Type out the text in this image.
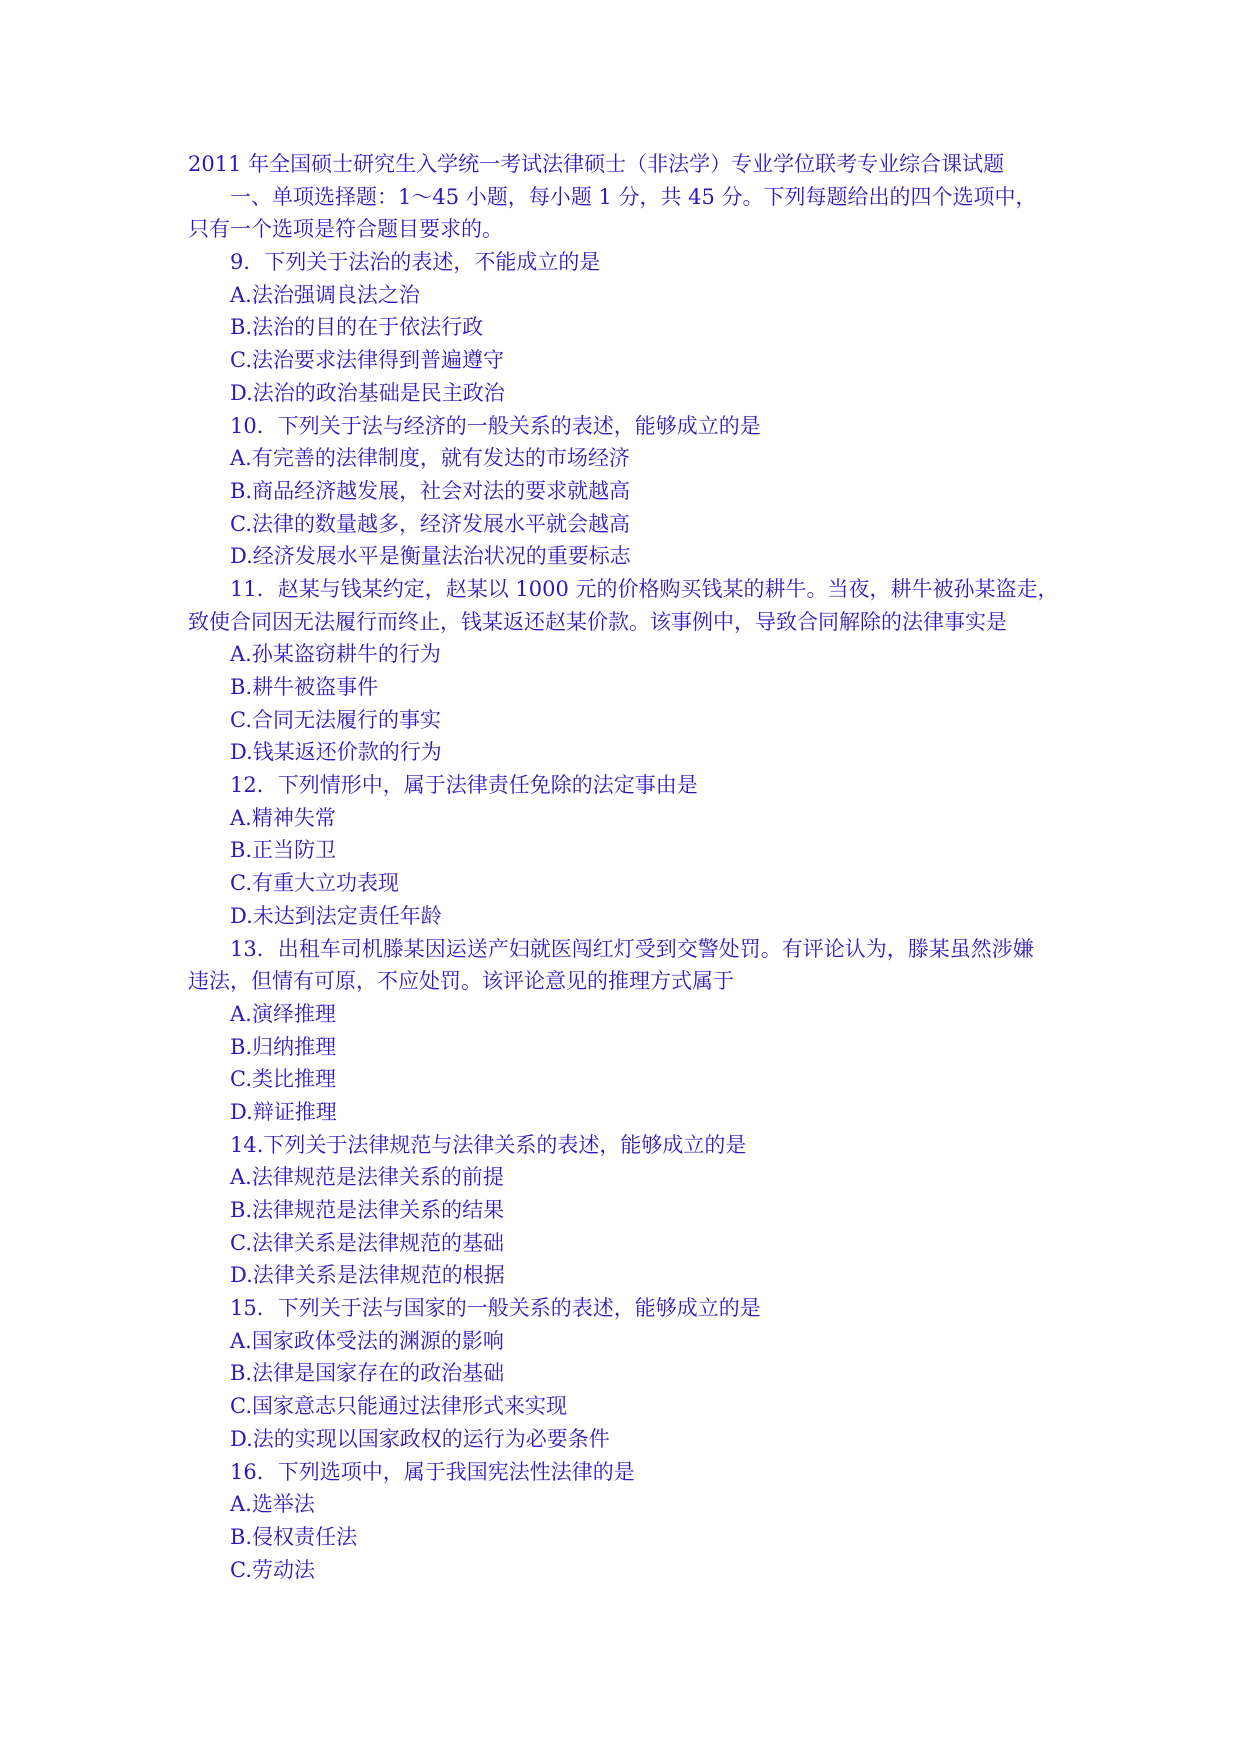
2011 年全国硕士研究生入学统一考试法律硕士（非法学）专业学位联考专业综合课试题

一、单项选择题：1～45 小题，每小题 1 分，共 45 分。下列每题给出的四个选项中，

只有一个选项是符合题目要求的。

9．下列关于法治的表述，不能成立的是

A.法治强调良法之治

B.法治的目的在于依法行政

C.法治要求法律得到普遍遵守

D.法治的政治基础是民主政治

10．下列关于法与经济的一般关系的表述，能够成立的是

A.有完善的法律制度，就有发达的市场经济

B.商品经济越发展，社会对法的要求就越高

C.法律的数量越多，经济发展水平就会越高

D.经济发展水平是衡量法治状况的重要标志

11．赵某与钱某约定，赵某以 1000 元的价格购买钱某的耕牛。当夜，耕牛被孙某盗走，

致使合同因无法履行而终止，钱某返还赵某价款。该事例中，导致合同解除的法律事实是

A.孙某盗窃耕牛的行为

B.耕牛被盗事件

C.合同无法履行的事实

D.钱某返还价款的行为

12．下列情形中，属于法律责任免除的法定事由是

A.精神失常

B.正当防卫

C.有重大立功表现

D.未达到法定责任年龄

13．出租车司机滕某因运送产妇就医闯红灯受到交警处罚。有评论认为，滕某虽然涉嫌

违法，但情有可原，不应处罚。该评论意见的推理方式属于

A.演绎推理

B.归纳推理

C.类比推理

D.辩证推理

14.下列关于法律规范与法律关系的表述，能够成立的是

A.法律规范是法律关系的前提

B.法律规范是法律关系的结果

C.法律关系是法律规范的基础

D.法律关系是法律规范的根据

15．下列关于法与国家的一般关系的表述，能够成立的是

A.国家政体受法的渊源的影响

B.法律是国家存在的政治基础

C.国家意志只能通过法律形式来实现

D.法的实现以国家政权的运行为必要条件

16．下列选项中，属于我国宪法性法律的是

A.选举法

B.侵权责任法

C.劳动法
